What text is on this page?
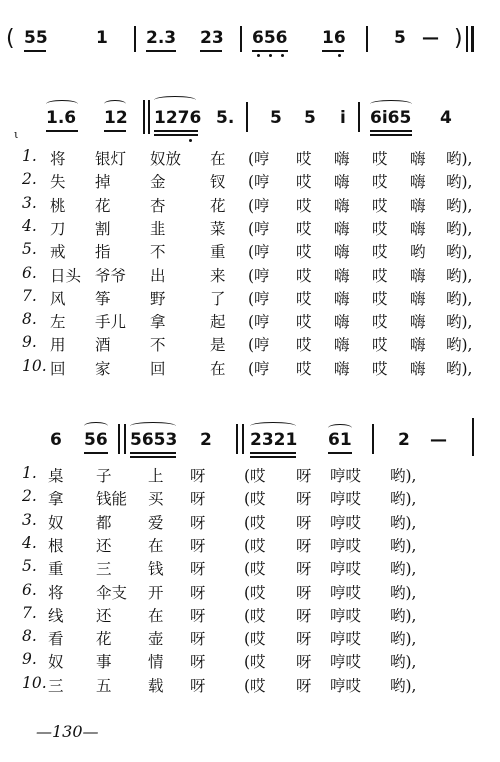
( 55	1 2.3 23 656 16	5 — )
1.6 12 1276 5. 5 5 i 6i65 4
ι
1. 将 银灯 奴放 在 (哼 哎 嗨 哎 嗨 哟),
2. 失 掉	金	钗 (哼 哎 嗨 哎 嗨 哟),
3. 桃 花	杏	花 (哼 哎 嗨 哎 嗨 哟),
4. 刀 割	韭	菜 (哼 哎 嗨 哎 嗨 哟),
5. 戒 指	不	重 (哼 哎 嗨 哎 哟 哟),
6. 日头 爷爷 出	来 (哼 哎 嗨 哎 嗨 哟),
7. 风 筝	野	了 (哼 哎 嗨 哎 嗨 哟),
8. 左 手儿 拿	起 (哼 哎 嗨 哎 嗨 哟),
9. 用 酒	不	是 (哼 哎 嗨 哎 嗨 哟),
10. 回 家	回	在 (哼 哎 嗨 哎 嗨 哟),
6 56 5653 2 2321 61	2 —
1. 桌 子 上 呀 (哎 呀 哼哎 哟),
2. 拿 钱能 买 呀 (哎 呀 哼哎 哟),
3. 奴 都 爱 呀 (哎 呀 哼哎 哟),
4. 根 还 在 呀 (哎 呀 哼哎 哟),
5. 重 三 钱 呀 (哎 呀 哼哎 哟),
6. 将 伞支 开 呀 (哎 呀 哼哎 哟),
7. 线 还 在 呀 (哎 呀 哼哎 哟),
8. 看 花 壶 呀 (哎 呀 哼哎 哟),
9. 奴 事 情 呀 (哎 呀 哼哎 哟),
10. 三 五 载 呀 (哎 呀 哼哎 哟),
—130—
